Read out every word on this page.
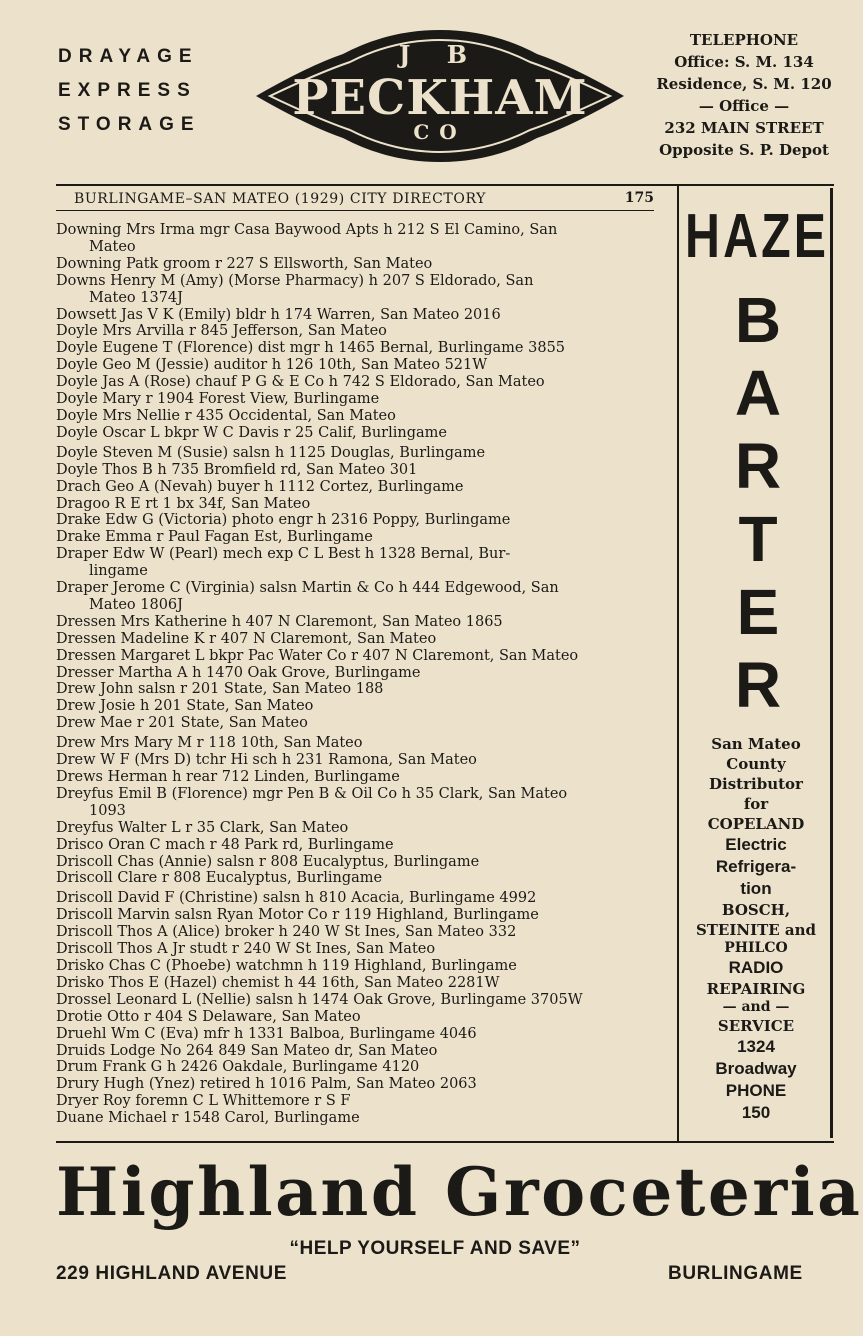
DRAYAGE
EXPRESS
STORAGE
J B
PECKHAM
CO
TELEPHONE
Office: S. M. 134
Residence, S. M. 120
— Office —
232 MAIN STREET
Opposite S. P. Depot
BURLINGAME–SAN MATEO (1929) CITY DIRECTORY	175
Downing Mrs Irma mgr Casa Baywood Apts h 212 S El Camino, San
Mateo
Downing Patk groom r 227 S Ellsworth, San Mateo
Downs Henry M (Amy) (Morse Pharmacy) h 207 S Eldorado, San
Mateo 1374J
Dowsett Jas V K (Emily) bldr h 174 Warren, San Mateo 2016
Doyle Mrs Arvilla r 845 Jefferson, San Mateo
Doyle Eugene T (Florence) dist mgr h 1465 Bernal, Burlingame 3855
Doyle Geo M (Jessie) auditor h 126 10th, San Mateo 521W
Doyle Jas A (Rose) chauf P G & E Co h 742 S Eldorado, San Mateo
Doyle Mary r 1904 Forest View, Burlingame
Doyle Mrs Nellie r 435 Occidental, San Mateo
Doyle Oscar L bkpr W C Davis r 25 Calif, Burlingame
Doyle Steven M (Susie) salsn h 1125 Douglas, Burlingame
Doyle Thos B h 735 Bromfield rd, San Mateo 301
Drach Geo A (Nevah) buyer h 1112 Cortez, Burlingame
Dragoo R E rt 1 bx 34f, San Mateo
Drake Edw G (Victoria) photo engr h 2316 Poppy, Burlingame
Drake Emma r Paul Fagan Est, Burlingame
Draper Edw W (Pearl) mech exp C L Best h 1328 Bernal, Bur-
lingame
Draper Jerome C (Virginia) salsn Martin & Co h 444 Edgewood, San
Mateo 1806J
Dressen Mrs Katherine h 407 N Claremont, San Mateo 1865
Dressen Madeline K r 407 N Claremont, San Mateo
Dressen Margaret L bkpr Pac Water Co r 407 N Claremont, San Mateo
Dresser Martha A h 1470 Oak Grove, Burlingame
Drew John salsn r 201 State, San Mateo 188
Drew Josie h 201 State, San Mateo
Drew Mae r 201 State, San Mateo
Drew Mrs Mary M r 118 10th, San Mateo
Drew W F (Mrs D) tchr Hi sch h 231 Ramona, San Mateo
Drews Herman h rear 712 Linden, Burlingame
Dreyfus Emil B (Florence) mgr Pen B & Oil Co h 35 Clark, San Mateo
1093
Dreyfus Walter L r 35 Clark, San Mateo
Drisco Oran C mach r 48 Park rd, Burlingame
Driscoll Chas (Annie) salsn r 808 Eucalyptus, Burlingame
Driscoll Clare r 808 Eucalyptus, Burlingame
Driscoll David F (Christine) salsn h 810 Acacia, Burlingame 4992
Driscoll Marvin salsn Ryan Motor Co r 119 Highland, Burlingame
Driscoll Thos A (Alice) broker h 240 W St Ines, San Mateo 332
Driscoll Thos A Jr studt r 240 W St Ines, San Mateo
Drisko Chas C (Phoebe) watchmn h 119 Highland, Burlingame
Drisko Thos E (Hazel) chemist h 44 16th, San Mateo 2281W
Drossel Leonard L (Nellie) salsn h 1474 Oak Grove, Burlingame 3705W
Drotie Otto r 404 S Delaware, San Mateo
Druehl Wm C (Eva) mfr h 1331 Balboa, Burlingame 4046
Druids Lodge No 264 849 San Mateo dr, San Mateo
Drum Frank G h 2426 Oakdale, Burlingame 4120
Drury Hugh (Ynez) retired h 1016 Palm, San Mateo 2063
Dryer Roy foremn C L Whittemore r S F
Duane Michael r 1548 Carol, Burlingame
HAZE
B
A
R
T
E
R
San Mateo
County
Distributor
for
COPELAND
Electric
Refrigera-
tion
BOSCH,
STEINITE and
PHILCO
RADIO
REPAIRING
— and —
SERVICE
1324
Broadway
PHONE
150
Highland Groceteria
“HELP YOURSELF AND SAVE”
229 HIGHLAND AVENUE	BURLINGAME
